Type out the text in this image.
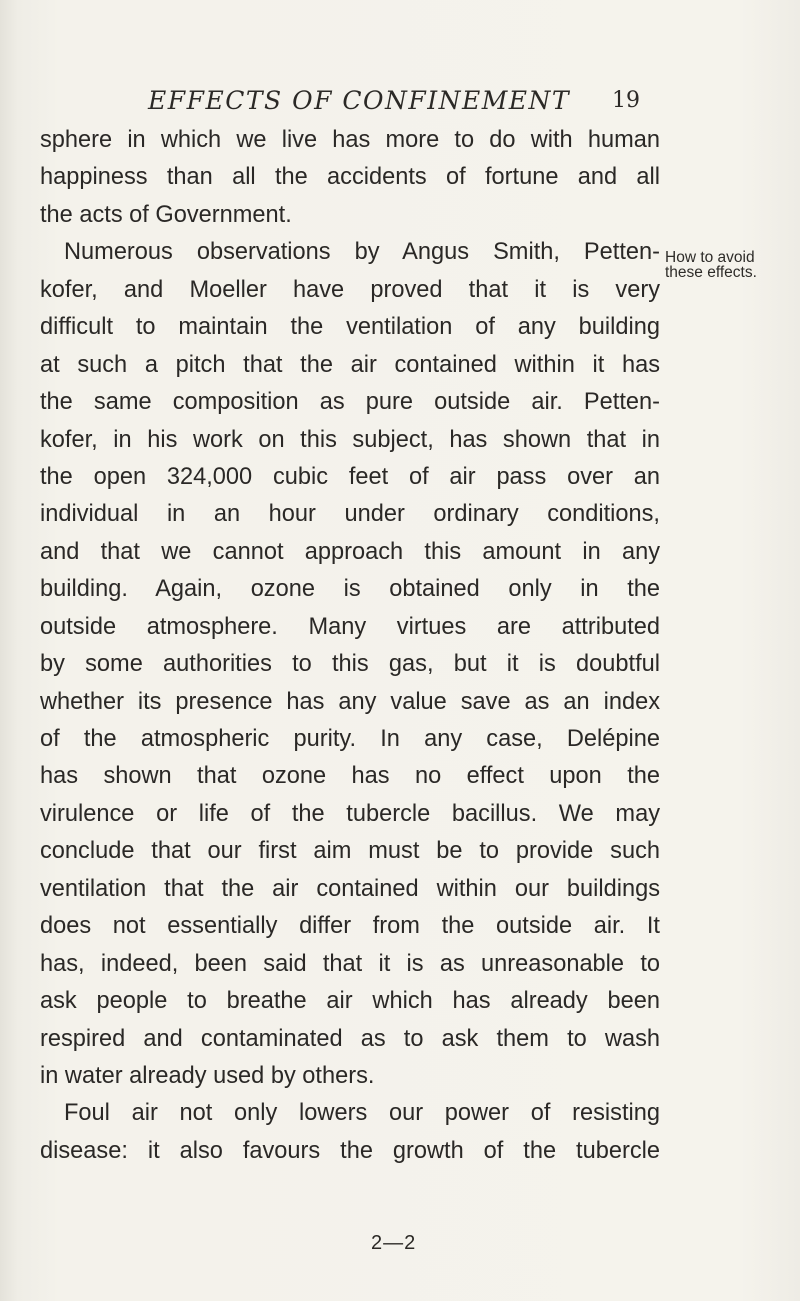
EFFECTS OF CONFINEMENT 19
sphere in which we live has more to do with human
happiness than all the accidents of fortune and all
the acts of Government.
Numerous observations by Angus Smith, Petten-
kofer, and Moeller have proved that it is very
difficult to maintain the ventilation of any building
at such a pitch that the air contained within it has
the same composition as pure outside air. Petten-
kofer, in his work on this subject, has shown that in
the open 324,000 cubic feet of air pass over an
individual in an hour under ordinary conditions,
and that we cannot approach this amount in any
building. Again, ozone is obtained only in the
outside atmosphere. Many virtues are attributed
by some authorities to this gas, but it is doubtful
whether its presence has any value save as an index
of the atmospheric purity. In any case, Delépine
has shown that ozone has no effect upon the
virulence or life of the tubercle bacillus. We may
conclude that our first aim must be to provide such
ventilation that the air contained within our buildings
does not essentially differ from the outside air. It
has, indeed, been said that it is as unreasonable to
ask people to breathe air which has already been
respired and contaminated as to ask them to wash
in water already used by others.
Foul air not only lowers our power of resisting
disease: it also favours the growth of the tubercle
How to avoid
these effects.
2—2
